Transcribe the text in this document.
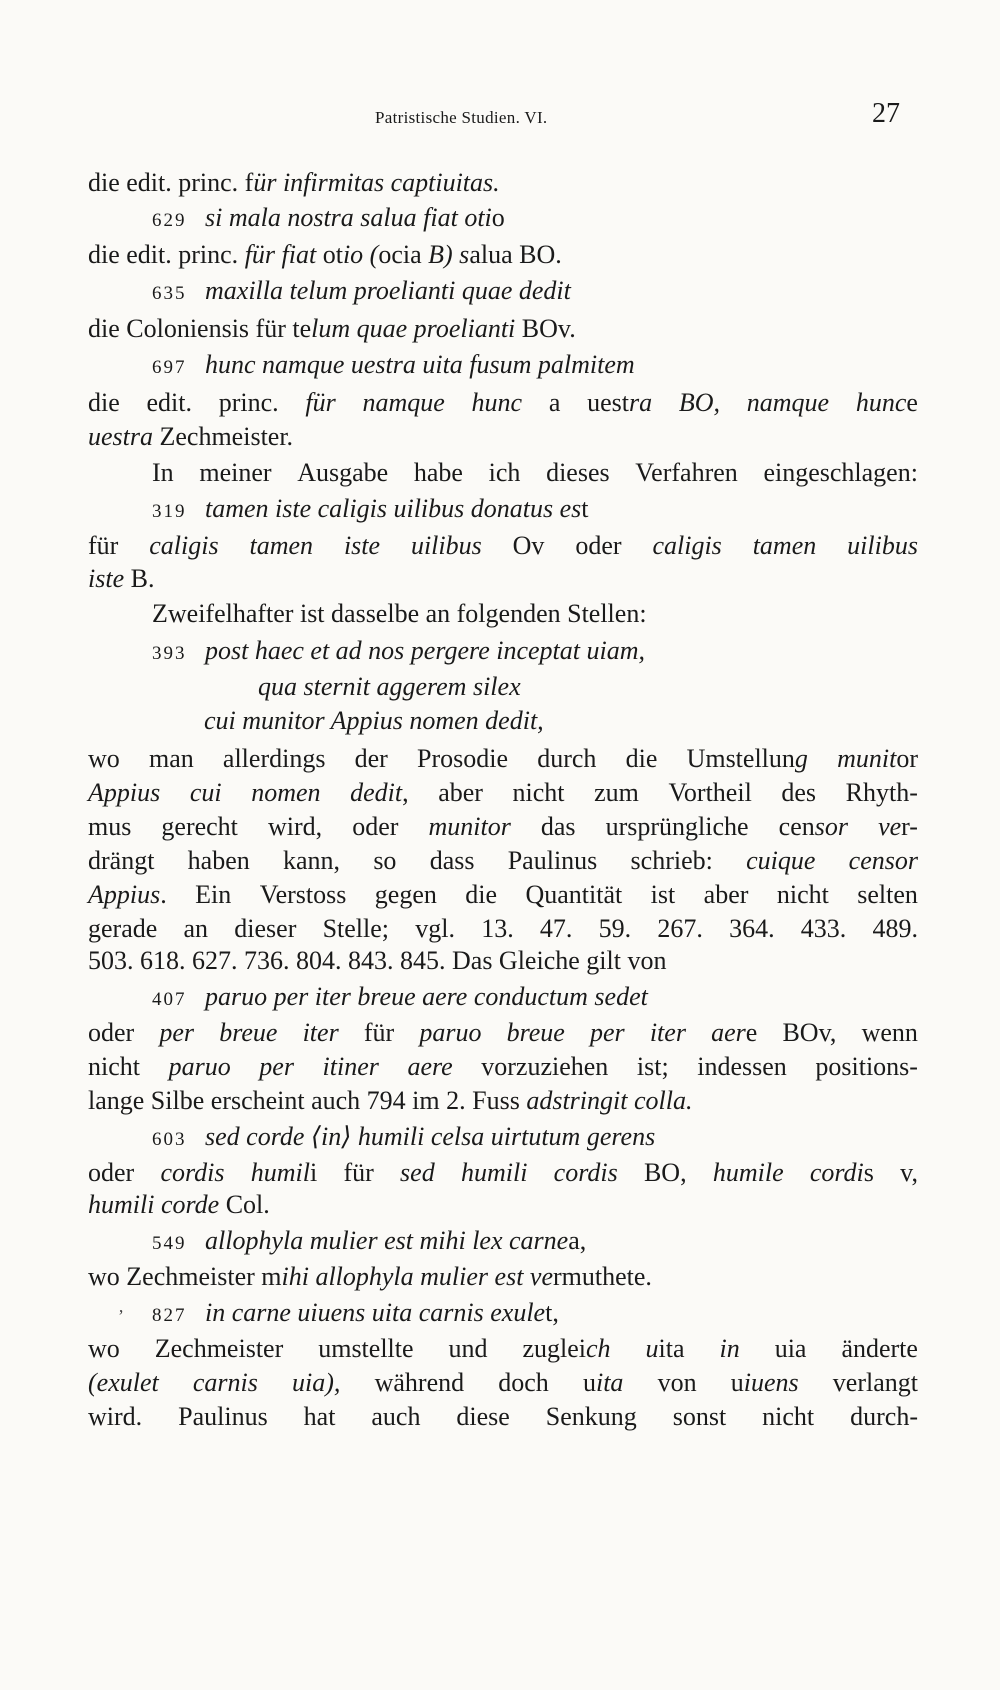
Patristische Studien. VI.	27
die edit. princ. für infirmitas captiuitas.
629 si mala nostra salua fiat otio
die edit. princ. für fiat otio (ocia B) salua BO.
635 maxilla telum proelianti quae dedit
die Coloniensis für telum quae proelianti BOv.
697 hunc namque uestra uita fusum palmitem
die edit. princ. für namque hunc a uestra BO, namque hunce
uestra Zechmeister.
In meiner Ausgabe habe ich dieses Verfahren eingeschlagen:
319 tamen iste caligis uilibus donatus est
für caligis tamen iste uilibus Ov oder caligis tamen uilibus
iste B.
Zweifelhafter ist dasselbe an folgenden Stellen:
393 post haec et ad nos pergere inceptat uiam,
qua sternit aggerem silex
cui munitor Appius nomen dedit,
wo man allerdings der Prosodie durch die Umstellung munitor
Appius cui nomen dedit, aber nicht zum Vortheil des Rhyth-
mus gerecht wird, oder munitor das ursprüngliche censor ver-
drängt haben kann, so dass Paulinus schrieb: cuique censor
Appius. Ein Verstoss gegen die Quantität ist aber nicht selten
gerade an dieser Stelle; vgl. 13. 47. 59. 267. 364. 433. 489.
503. 618. 627. 736. 804. 843. 845. Das Gleiche gilt von
407 paruo per iter breue aere conductum sedet
oder per breue iter für paruo breue per iter aere BOv, wenn
nicht paruo per itiner aere vorzuziehen ist; indessen positions-
lange Silbe erscheint auch 794 im 2. Fuss adstringit colla.
603 sed corde ⟨in⟩ humili celsa uirtutum gerens
oder cordis humili für sed humili cordis BO, humile cordis v,
humili corde Col.
549 allophyla mulier est mihi lex carnea,
wo Zechmeister mihi allophyla mulier est vermuthete.
827 in carne uiuens uita carnis exulet,
wo Zechmeister umstellte und zugleich uita in uia änderte
(exulet carnis uia), während doch uita von uiuens verlangt
wird. Paulinus hat auch diese Senkung sonst nicht durch-
‚
